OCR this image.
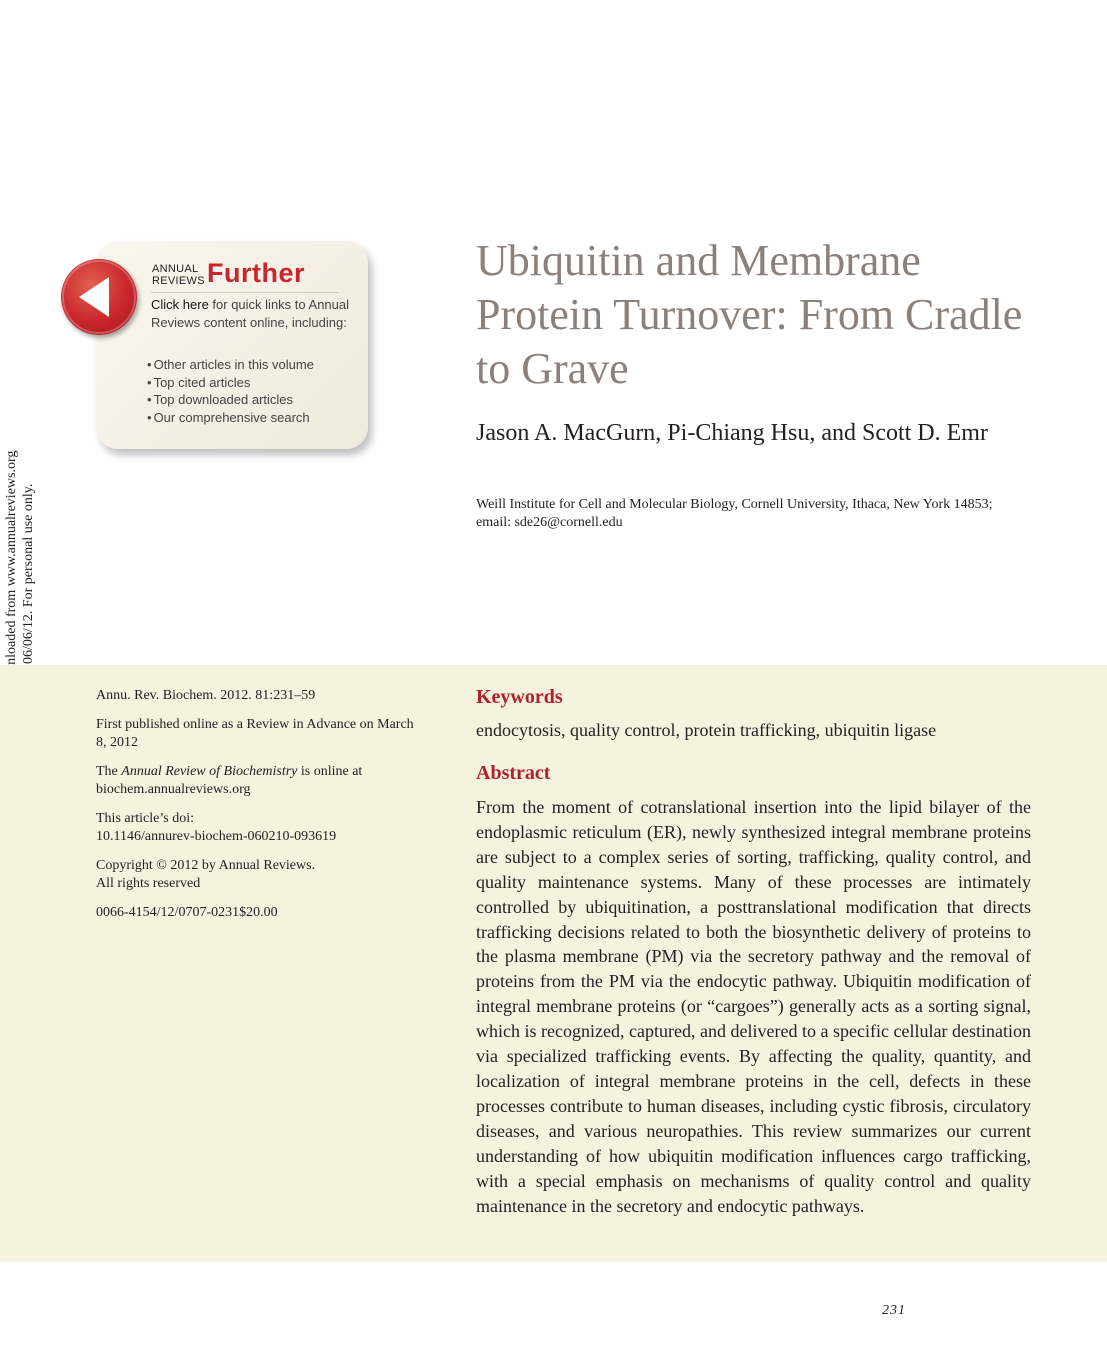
ANNUAL
REVIEWS Further
Click here for quick links to Annual Reviews content online, including:
• Other articles in this volume
• Top cited articles
• Top downloaded articles
• Our comprehensive search
Ubiquitin and Membrane Protein Turnover: From Cradle to Grave
Jason A. MacGurn, Pi-Chiang Hsu, and Scott D. Emr
Weill Institute for Cell and Molecular Biology, Cornell University, Ithaca, New York 14853; email: sde26@cornell.edu

Annu. Rev. Biochem. 2012. 81:231–59

First published online as a Review in Advance on March 8, 2012

The Annual Review of Biochemistry is online at biochem.annualreviews.org

This article’s doi:
10.1146/annurev-biochem-060210-093619

Copyright © 2012 by Annual Reviews.
All rights reserved

0066-4154/12/0707-0231$20.00

Keywords
endocytosis, quality control, protein trafficking, ubiquitin ligase
Abstract

From the moment of cotranslational insertion into the lipid bilayer of the endoplasmic reticulum (ER), newly synthesized integral membrane proteins are subject to a complex series of sorting, trafficking, quality control, and quality maintenance systems. Many of these processes are intimately controlled by ubiquitination, a posttranslational modification that directs trafficking decisions related to both the biosynthetic delivery of proteins to the plasma membrane (PM) via the secretory pathway and the removal of proteins from the PM via the endocytic pathway. Ubiquitin modification of integral membrane proteins (or “cargoes”) generally acts as a sorting signal, which is recognized, captured, and delivered to a specific cellular destination via specialized trafficking events. By affecting the quality, quantity, and localization of integral membrane proteins in the cell, defects in these processes contribute to human diseases, including cystic fibrosis, circulatory diseases, and various neuropathies. This review summarizes our current understanding of how ubiquitin modification influences cargo trafficking, with a special emphasis on mechanisms of quality control and quality maintenance in the secretory and endocytic pathways.

231
